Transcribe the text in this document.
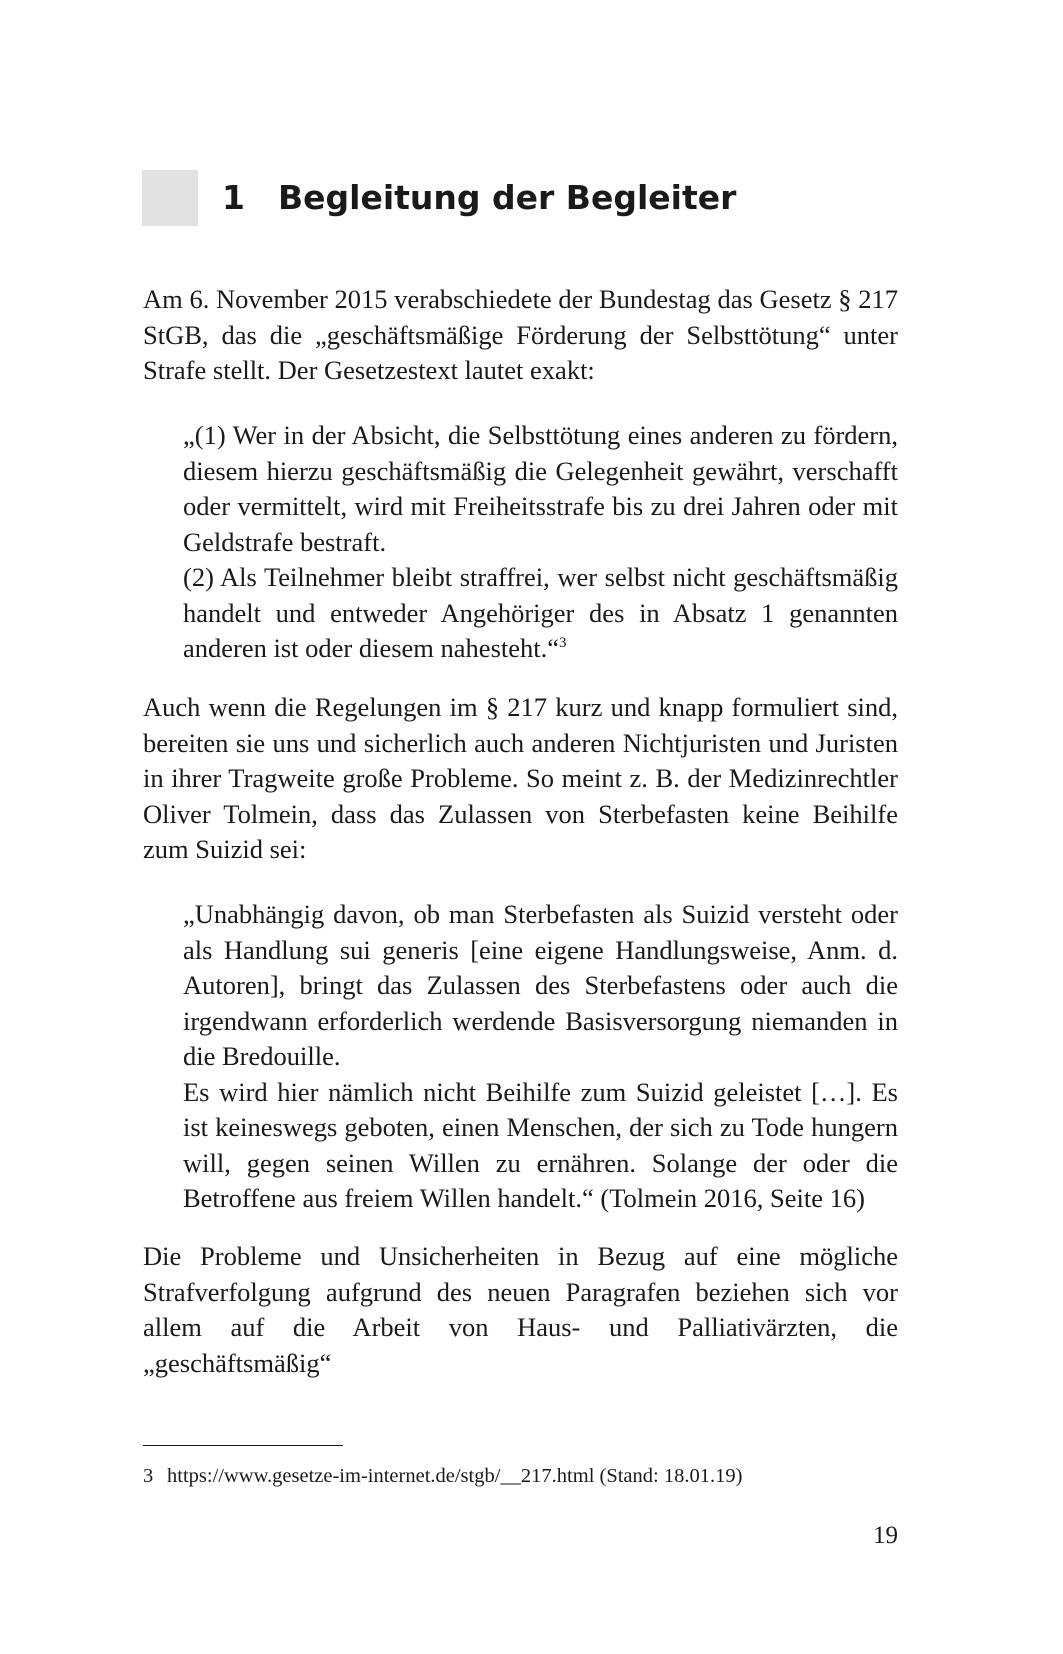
1 Begleitung der Begleiter

Am 6. November 2015 verabschiedete der Bundestag das Gesetz § 217 StGB, das die „geschäftsmäßige Förderung der Selbsttötung“ unter Strafe stellt. Der Gesetzestext lautet exakt:

„(1) Wer in der Absicht, die Selbsttötung eines anderen zu fördern, diesem hierzu geschäftsmäßig die Gelegenheit gewährt, verschafft oder vermittelt, wird mit Freiheitsstrafe bis zu drei Jahren oder mit Geldstrafe bestraft.

(2) Als Teilnehmer bleibt straffrei, wer selbst nicht geschäftsmäßig handelt und entweder Angehöriger des in Absatz 1 genannten anderen ist oder diesem nahesteht.“$^3$

Auch wenn die Regelungen im § 217 kurz und knapp formuliert sind, bereiten sie uns und sicherlich auch anderen Nichtjuristen und Juristen in ihrer Tragweite große Probleme. So meint z. B. der Medizinrechtler Oliver Tolmein, dass das Zulassen von Sterbefasten keine Beihilfe zum Suizid sei:

„Unabhängig davon, ob man Sterbefasten als Suizid versteht oder als Handlung sui generis [eine eigene Handlungsweise, Anm. d. Autoren], bringt das Zulassen des Sterbefastens oder auch die irgendwann erforderlich werdende Basisversorgung niemanden in die Bredouille.

Es wird hier nämlich nicht Beihilfe zum Suizid geleistet […]. Es ist keineswegs geboten, einen Menschen, der sich zu Tode hungern will, gegen seinen Willen zu ernähren. Solange der oder die Betroffene aus freiem Willen handelt.“ (Tolmein 2016, Seite 16)

Die Probleme und Unsicherheiten in Bezug auf eine mögliche Strafverfolgung aufgrund des neuen Paragrafen beziehen sich vor allem auf die Arbeit von Haus- und Palliativärzten, die „geschäftsmäßig“

3 https://www.gesetze-im-internet.de/stgb/__217.html (Stand: 18.01.19)

19
